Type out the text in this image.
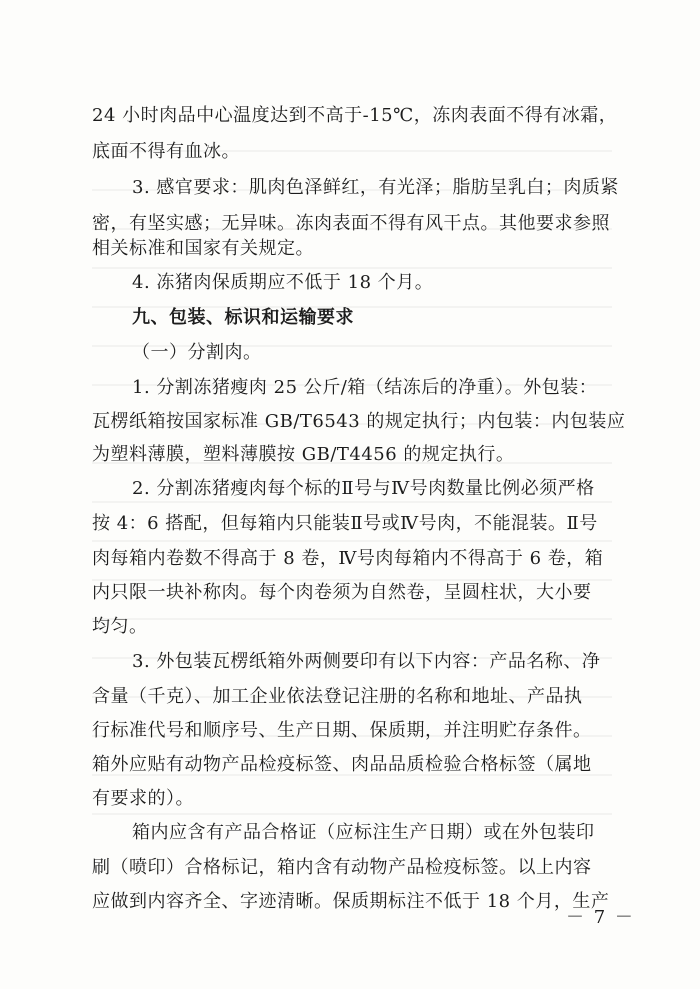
24 小时肉品中心温度达到不高于-15℃，冻肉表面不得有冰霜，
底面不得有血冰。
3. 感官要求：肌肉色泽鲜红，有光泽；脂肪呈乳白；肉质紧
密，有坚实感；无异味。冻肉表面不得有风干点。其他要求参照
相关标准和国家有关规定。
4. 冻猪肉保质期应不低于 18 个月。
九、包装、标识和运输要求
（一）分割肉。
1. 分割冻猪瘦肉 25 公斤/箱（结冻后的净重）。外包装：
瓦楞纸箱按国家标准 GB/T6543 的规定执行；内包装：内包装应
为塑料薄膜，塑料薄膜按 GB/T4456 的规定执行。
2. 分割冻猪瘦肉每个标的Ⅱ号与Ⅳ号肉数量比例必须严格
按 4：6 搭配，但每箱内只能装Ⅱ号或Ⅳ号肉，不能混装。Ⅱ号
肉每箱内卷数不得高于 8 卷，Ⅳ号肉每箱内不得高于 6 卷，箱
内只限一块补称肉。每个肉卷须为自然卷，呈圆柱状，大小要
均匀。
3. 外包装瓦楞纸箱外两侧要印有以下内容：产品名称、净
含量（千克）、加工企业依法登记注册的名称和地址、产品执
行标准代号和顺序号、生产日期、保质期，并注明贮存条件。
箱外应贴有动物产品检疫标签、肉品品质检验合格标签（属地
有要求的）。
箱内应含有产品合格证（应标注生产日期）或在外包装印
刷（喷印）合格标记，箱内含有动物产品检疫标签。以上内容
应做到内容齐全、字迹清晰。保质期标注不低于 18 个月，生产
－ 7 －
